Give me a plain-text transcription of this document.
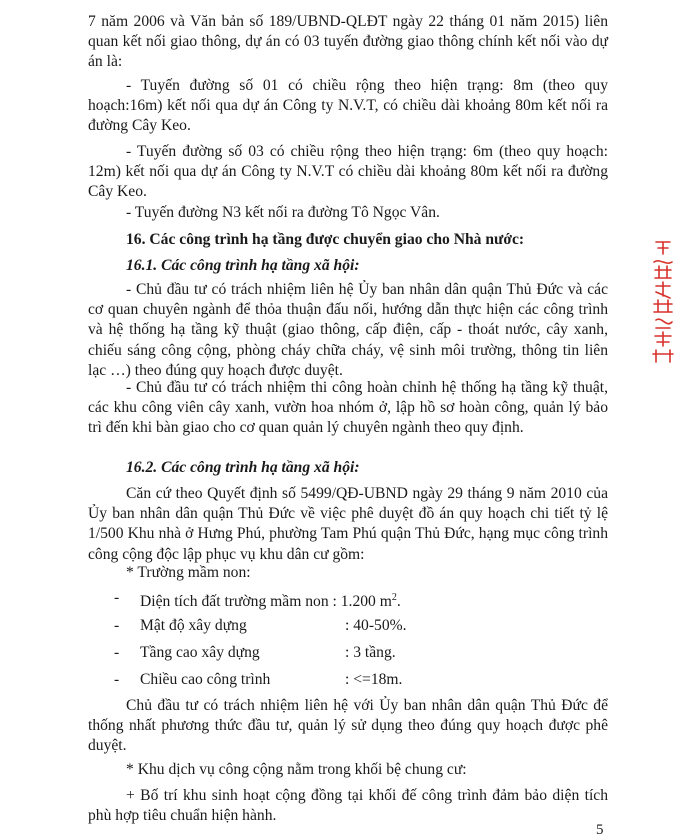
7 năm 2006 và Văn bản số 189/UBND-QLĐT ngày 22 tháng 01 năm 2015) liên quan kết nối giao thông, dự án có 03 tuyến đường giao thông chính kết nối vào dự án là:

- Tuyến đường số 01 có chiều rộng theo hiện trạng: 8m (theo quy hoạch:16m) kết nối qua dự án Công ty N.V.T, có chiều dài khoảng 80m kết nối ra đường Cây Keo.

- Tuyến đường số 03 có chiều rộng theo hiện trạng: 6m (theo quy hoạch: 12m) kết nối qua dự án Công ty N.V.T có chiều dài khoảng 80m kết nối ra đường Cây Keo.

- Tuyến đường N3 kết nối ra đường Tô Ngọc Vân.

16. Các công trình hạ tầng được chuyển giao cho Nhà nước:

16.1. Các công trình hạ tầng xã hội:

- Chủ đầu tư có trách nhiệm liên hệ Ủy ban nhân dân quận Thủ Đức và các cơ quan chuyên ngành để thỏa thuận đấu nối, hướng dẫn thực hiện các công trình và hệ thống hạ tầng kỹ thuật (giao thông, cấp điện, cấp - thoát nước, cây xanh, chiếu sáng công cộng, phòng cháy chữa cháy, vệ sinh môi trường, thông tin liên lạc …) theo đúng quy hoạch được duyệt.

- Chủ đầu tư có trách nhiệm thi công hoàn chỉnh hệ thống hạ tầng kỹ thuật, các khu công viên cây xanh, vườn hoa nhóm ở, lập hồ sơ hoàn công, quản lý bảo trì đến khi bàn giao cho cơ quan quản lý chuyên ngành theo quy định.

16.2. Các công trình hạ tầng xã hội:

Căn cứ theo Quyết định số 5499/QĐ-UBND ngày 29 tháng 9 năm 2010 của Ủy ban nhân dân quận Thủ Đức về việc phê duyệt đồ án quy hoạch chi tiết tỷ lệ 1/500 Khu nhà ở Hưng Phú, phường Tam Phú quận Thủ Đức, hạng mục công trình công cộng độc lập phục vụ khu dân cư gồm:

* Trường mầm non:

- Diện tích đất trường mầm non : 1.200 $m^2$.
- Mật độ xây dựng	: 40-50%.
- Tầng cao xây dựng	: 3 tầng.
- Chiều cao công trình	: <=18m.

Chủ đầu tư có trách nhiệm liên hệ với Ủy ban nhân dân quận Thủ Đức để thống nhất phương thức đầu tư, quản lý sử dụng theo đúng quy hoạch được phê duyệt.

* Khu dịch vụ công cộng nằm trong khối bệ chung cư:

+ Bố trí khu sinh hoạt cộng đồng tại khối đế công trình đảm bảo diện tích phù hợp tiêu chuẩn hiện hành.

5
